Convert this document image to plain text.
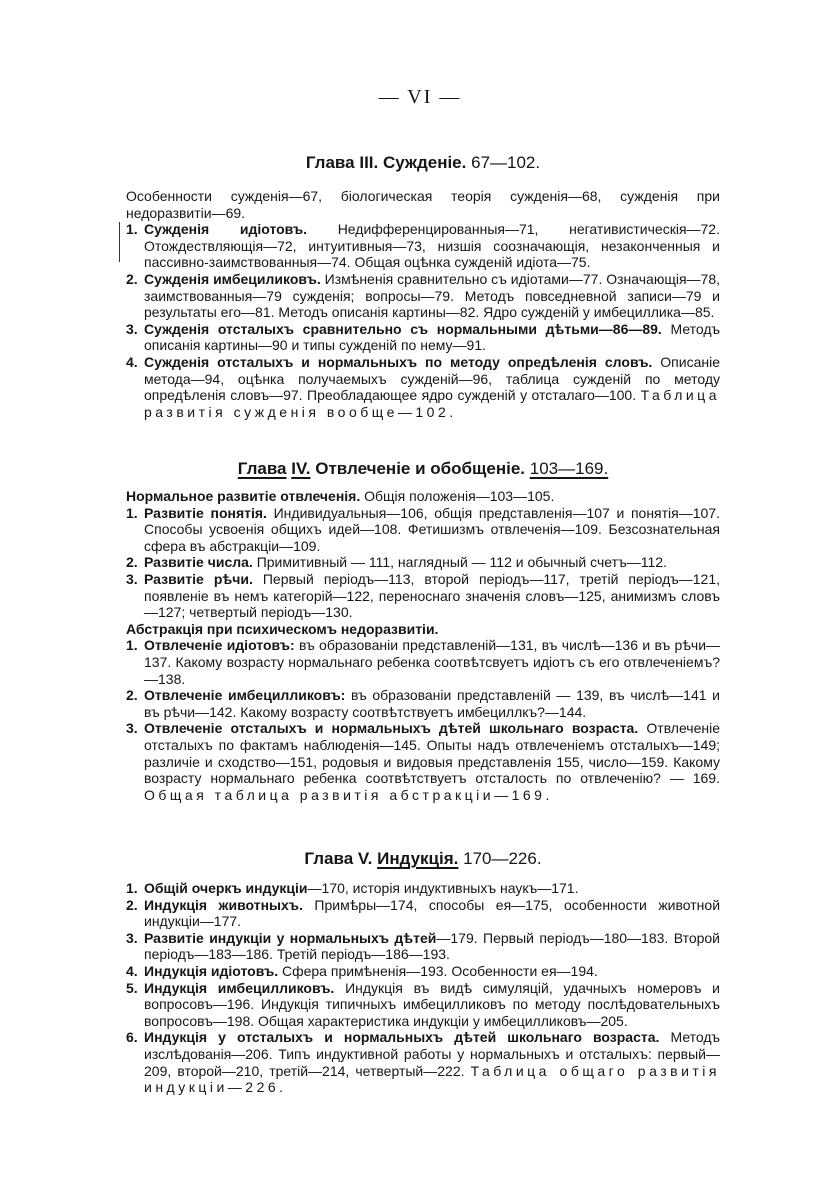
— VI —
Глава III. Сужденіе. 67—102.
Особенности сужденія—67, біологическая теорія сужденія—68, сужденія при недоразвитіи—69.
1. Сужденія идіотовъ. Недифференцированныя—71, негативистическія—72. Отождествляющія—72, интуитивныя—73, низшія соозначающія, незаконченныя и пассивно-заимствованныя—74. Общая оцѣнка сужденій идіота—75.
2. Сужденія имбециликовъ. Измѣненія сравнительно съ идіотами—77. Означающія—78, заимствованныя—79 сужденія; вопросы—79. Методъ повседневной записи—79 и результаты его—81. Методъ описанія картины—82. Ядро сужденій у имбециллика—85.
3. Сужденія отсталыхъ сравнительно съ нормальными дѣтьми—86—89. Методъ описанія картины—90 и типы сужденій по нему—91.
4. Сужденія отсталыхъ и нормальныхъ по методу опредѣленія словъ. Описаніе метода—94, оцѣнка получаемыхъ сужденій—96, таблица сужденій по методу опредѣленія словъ—97. Преобладающее ядро сужденій у отсталаго—100. Таблица развитія сужденія вообще—102.
Глава IV. Отвлеченіе и обобщеніе. 103—169.
Нормальное развитіе отвлеченія. Общія положенія—103—105.
1. Развитіе понятія. Индивидуальныя—106, общія представленія—107 и понятія—107. Способы усвоенія общихъ идей—108. Фетишизмъ отвлеченія—109. Безсознательная сфера въ абстракціи—109.
2. Развитіе числа. Примитивный — 111, наглядный — 112 и обычный счетъ—112.
3. Развитіе рѣчи. Первый періодъ—113, второй періодъ—117, третій періодъ—121, появленіе въ немъ категорій—122, переноснаго значенія словъ—125, анимизмъ словъ—127; четвертый періодъ—130.
Абстракція при психическомъ недоразвитіи.
1. Отвлеченіе идіотовъ: въ образованіи представленій—131, въ числѣ—136 и въ рѣчи—137. Какому возрасту нормальнаго ребенка соотвѣтсвуетъ идіотъ съ его отвлеченіемъ?—138.
2. Отвлеченіе имбецилликовъ: въ образованіи представленій — 139, въ числѣ—141 и въ рѣчи—142. Какому возрасту соотвѣтствуетъ имбециллкъ?—144.
3. Отвлеченіе отсталыхъ и нормальныхъ дѣтей школьнаго возраста. Отвлеченіе отсталыхъ по фактамъ наблюденія—145. Опыты надъ отвлеченіемъ отсталыхъ—149; различіе и сходство—151, родовыя и видовыя представленія 155, число—159. Какому возрасту нормальнаго ребенка соотвѣтствуетъ отсталость по отвлеченію? — 169. Общая таблица развитія абстракціи—169.
Глава V. Индукція. 170—226.
1. Общій очеркъ индукціи—170, исторія индуктивныхъ наукъ—171.
2. Индукція животныхъ. Примѣры—174, способы ея—175, особенности животной индукціи—177.
3. Развитіе индукціи у нормальныхъ дѣтей—179. Первый періодъ—180—183. Второй періодъ—183—186. Третій періодъ—186—193.
4. Индукція идіотовъ. Сфера примѣненія—193. Особенности ея—194.
5. Индукція имбецилликовъ. Индукція въ видѣ симуляцій, удачныхъ номеровъ и вопросовъ—196. Индукція типичныхъ имбецилликовъ по методу послѣдовательныхъ вопросовъ—198. Общая характеристика индукціи у имбецилликовъ—205.
6. Индукція у отсталыхъ и нормальныхъ дѣтей школьнаго возраста. Методъ изслѣдованія—206. Типъ индуктивной работы у нормальныхъ и отсталыхъ: первый—209, второй—210, третій—214, четвертый—222. Таблица общаго развитія индукціи—226.
